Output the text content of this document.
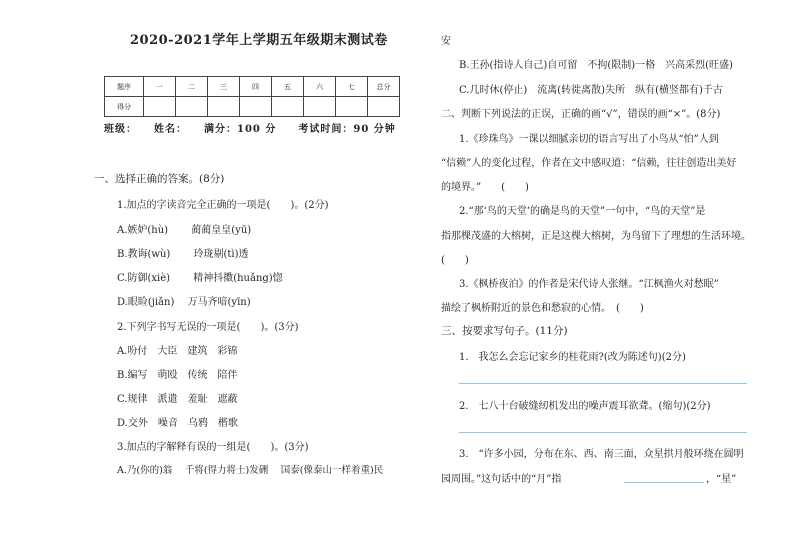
2020-2021学年上学期五年级期末测试卷
题序	一	二	三	四	五	六	七	总分
得分								
班级：　　姓名：　　满分：100 分　　考试时间：90 分钟
一、选择正确的答案。(8分)
1.加点的字读音完全正确的一项是(　　)。(2分)
A.嫉妒(hù)　　 蔺蔺皇皇(yū)
B.教诲(wù)　　 玲珑剔(tì)透
C.防御(xiè)　　 精神抖擞(huǎng)惚
D.眼睑(jiǎn)　 万马齐喑(yīn)
2.下列字书写无误的一项是(　　)。(3分)
A.吩付　大臣　建筑　彩锦
B.编写　萌殴　传统　陪伴
C.规律　派遣　羞耻　遮蔽
D.交外　噪音　乌鸦　楷歌
3.加点的字解释有误的一组是(　　)。(3分)
A.乃(你的)翁　 千将(得力将士)发硎　 国泰(像泰山一样着重)民
安
B.王孙(指诗人自己)自可留　不拘(限制)一格　兴高采烈(旺盛)
C.几时休(停止)　流离(转徙离散)失所　纵有(横竖都有)千古
二、判断下列说法的正误，正确的画“√”，错误的画“×”。(8分)
1.《珍珠鸟》一课以细腻亲切的语言写出了小鸟从“怕”人到
“信赖”人的变化过程，作者在文中感叹道：“信赖，往往创造出美好
的境界。”　　(　　)
2.“那‘鸟的天堂’的确是鸟的天堂”一句中，“鸟的天堂”是
指那棵茂盛的大榕树，正是这棵大榕树，为鸟留下了理想的生活环境。
(　　)
3.《枫桥夜泊》的作者是宋代诗人张继。“江枫渔火对愁眠”
描绘了枫桥附近的景色和愁寂的心情。　(　　)
三、按要求写句子。(11分)
1.　我怎么会忘记家乡的桂花雨?(改为陈述句)(2分)
2.　七八十台破缝纫机发出的噪声震耳欲聋。(缩句)(2分)
3.　“许多小园，分布在东、西、南三面，众星拱月般环绕在圆明
园周围。”这句话中的“月”指	，“星”
